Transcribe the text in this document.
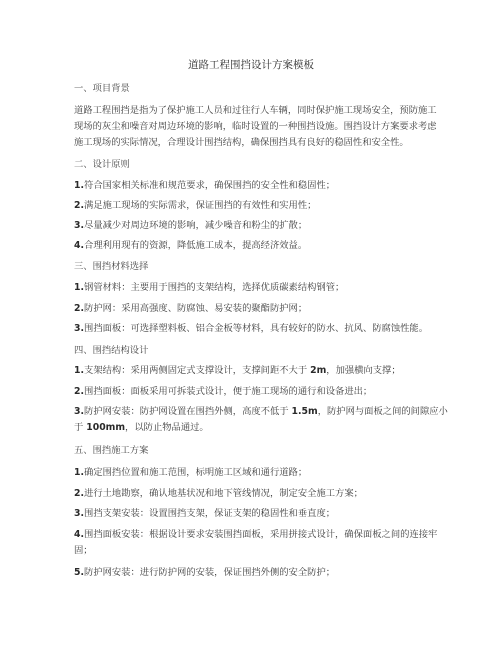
道路工程围挡设计方案模板
一、项目背景
道路工程围挡是指为了保护施工人员和过往行人车辆，同时保护施工现场安全，预防施工
现场的灰尘和噪音对周边环境的影响，临时设置的一种围挡设施。围挡设计方案要求考虑
施工现场的实际情况，合理设计围挡结构，确保围挡具有良好的稳固性和安全性。
二、设计原则
1.符合国家相关标准和规范要求，确保围挡的安全性和稳固性；
2.满足施工现场的实际需求，保证围挡的有效性和实用性；
3.尽量减少对周边环境的影响，减少噪音和粉尘的扩散；
4.合理利用现有的资源，降低施工成本，提高经济效益。
三、围挡材料选择
1.钢管材料：主要用于围挡的支架结构，选择优质碳素结构钢管；
2.防护网：采用高强度、防腐蚀、易安装的聚酯防护网；
3.围挡面板：可选择塑料板、铝合金板等材料，具有较好的防水、抗风、防腐蚀性能。
四、围挡结构设计
1.支架结构：采用两侧固定式支撑设计，支撑间距不大于 2m，加强横向支撑；
2.围挡面板：面板采用可拆装式设计，便于施工现场的通行和设备进出；
3.防护网安装：防护网设置在围挡外侧，高度不低于 1.5m，防护网与面板之间的间隙应小
于 100mm，以防止物品通过。
五、围挡施工方案
1.确定围挡位置和施工范围，标明施工区域和通行道路；
2.进行土地勘察，确认地基状况和地下管线情况，制定安全施工方案；
3.围挡支架安装：设置围挡支架，保证支架的稳固性和垂直度；
4.围挡面板安装：根据设计要求安装围挡面板，采用拼接式设计，确保面板之间的连接牢
固；
5.防护网安装：进行防护网的安装，保证围挡外侧的安全防护；
